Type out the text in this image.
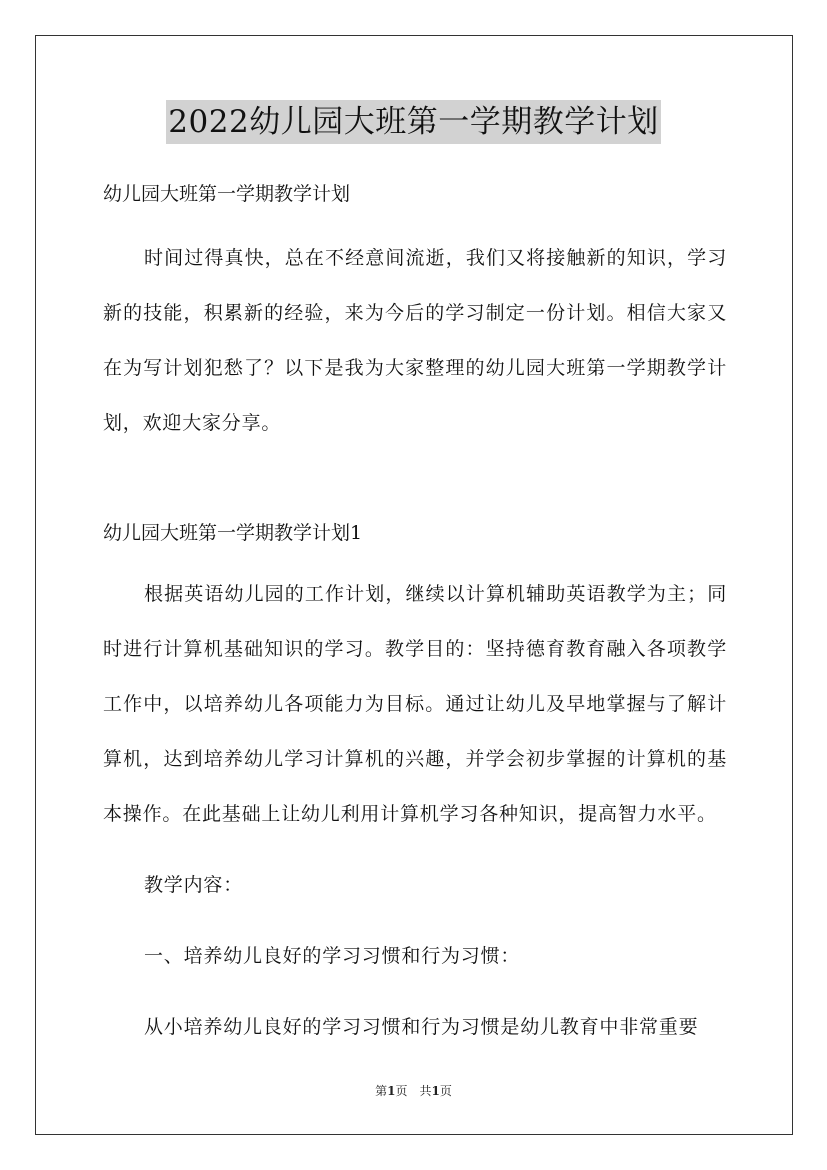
2022幼儿园大班第一学期教学计划
幼儿园大班第一学期教学计划
时间过得真快，总在不经意间流逝，我们又将接触新的知识，学习新的技能，积累新的经验，来为今后的学习制定一份计划。相信大家又在为写计划犯愁了？以下是我为大家整理的幼儿园大班第一学期教学计划，欢迎大家分享。
幼儿园大班第一学期教学计划1
根据英语幼儿园的工作计划，继续以计算机辅助英语教学为主；同时进行计算机基础知识的学习。教学目的：坚持德育教育融入各项教学工作中，以培养幼儿各项能力为目标。通过让幼儿及早地掌握与了解计算机，达到培养幼儿学习计算机的兴趣，并学会初步掌握的计算机的基本操作。在此基础上让幼儿利用计算机学习各种知识，提高智力水平。
教学内容：
一、培养幼儿良好的学习习惯和行为习惯：
从小培养幼儿良好的学习习惯和行为习惯是幼儿教育中非常重要
第1页　共1页
